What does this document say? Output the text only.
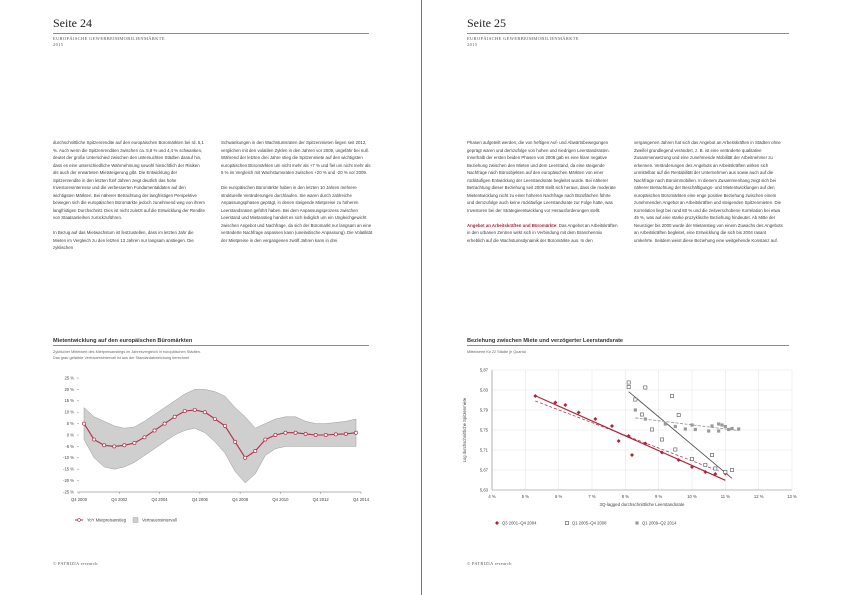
Seite 24
EUROPÄISCHE GEWERBEIMMOBILIENMÄRKTE
2015

durchschnittliche Spitzenrendite auf den europäischen Büromärkten bei rd. 5,1 %. Auch wenn die Spitzenrenditen zwischen ca. 5,8 % und 4,4 % schwanken, deutet der große Unterschied zwischen den untersuchten Städten darauf hin, dass es eine unterschiedliche Wahrnehmung sowohl hinsichtlich der Risiken als auch der erwarteten Mietsteigerung gibt. Die Entwicklung der Spitzenrendite in den letzten fünf Jahren zeigt deutlich das hohe Investoreninteresse und die verbesserten Fundamentaldaten auf den wichtigsten Märkten. Bei näherer Betrachtung der langfristigen Perspektive bewegen sich die europäischen Büromärkte jedoch zunehmend weg von ihrem langfristigen Durchschnitt. Dies ist nicht zuletzt auf die Entwicklung der Rendite von Staatsanleihen zurückzuführen.

In Bezug auf das Mietwachstum ist festzustellen, dass im letzten Jahr die Mieten im Vergleich zu den letzten 13 Jahren nur langsam anstiegen. Die zyklischen

Schwankungen in den Wachstumsraten der Spitzenmieten liegen seit 2012, verglichen mit den volatilen Zyklen in den Jahren vor 2009, ungefähr bei null. Während der letzten drei Jahre stieg die Spitzenmiete auf den wichtigsten europäischen Büromärkten um nicht mehr als +7 % und fiel um nicht mehr als 5 % im Vergleich mit Wachstumsraten zwischen +20 % und -20 % vor 2009.

Die europäischen Büromärkte haben in den letzten 10 Jahren mehrere strukturelle Veränderungen durchlaufen. Sie waren durch zahlreiche Anpassungsphasen geprägt, in denen steigende Mietpreise zu höheren Leerstandsraten geführt haben. Bei dem Anpassungsprozess zwischen Leerstand und Mietanstieg handelt es sich lediglich um ein Ungleichgewicht zwischen Angebot und Nachfrage, da sich der Büromarkt nur langsam an eine veränderte Nachfrage anpassen kann (unelastische Anpassung). Die Volatilität der Mietpreise in den vergangenen zwölf Jahren kann in drei

Mietentwicklung auf den europäischen Büromärkten
Zyklischer Mittelwert des Mietpreisanstiegs im Jahresvergleich in europäischen Städten.
Das grau gefärbte Vertrauensintervall ist aus der Standardabweichung berechnet
25 %
20 %
15 %
10 %
5 %
0 %
-5 %
-10 %
-15 %
-20 %
-25 %
Q4 2000	Q4 2002	Q4 2004	Q4 2006	Q4 2008	Q4 2010	Q4 2012	Q4 2014
YoY Mietpreisanstieg	Vertrauensintervall
© PATRIZIA research
Seite 25
EUROPÄISCHE GEWERBEIMMOBILIENMÄRKTE
2015

Phasen aufgeteilt werden, die von heftigen Auf- und Abwärtsbewegungen geprägt waren und demzufolge von hohen und niedrigen Leerstandsraten. Innerhalb der ersten beiden Phasen von 2008 gab es eine klare negative Beziehung zwischen den Mieten und dem Leerstand, da eine steigende Nachfrage nach Büroobjekten auf den europäischen Märkten von einer rückläufigen Entwicklung der Leerstandsrate begleitet wurde. Bei näherer Betrachtung dieser Beziehung seit 2009 stellt sich heraus, dass die moderate Mietentwicklung nicht zu einer höheren Nachfrage nach Büroflächen führte und demzufolge auch keine rückläufige Leerstandsrate zur Folge hatte, was Investoren bei der Strategieentwicklung vor Herausforderungen stellt.

Angebot an Arbeitskräften und Büromärkte: Das Angebot an Arbeitskräften in den urbanen Zentren wirkt sich in Verbindung mit dem Branchenmix erheblich auf die Wachstumsdynamik der Büromärkte aus. In den

vergangenen Jahren hat sich das Angebot an Arbeitskräften in Städten ohne Zweifel grundlegend verändert, z. B. ist eine veränderte qualitative Zusammensetzung und eine zunehmende Mobilität der Arbeitnehmer zu erkennen. Veränderungen des Angebots an Arbeitskräften wirken sich unmittelbar auf die Rentabilität der Unternehmen aus sowie auch auf die Nachfrage nach Büroimmobilien. In diesem Zusammenhang zeigt sich bei näherer Betrachtung der Beschäftigungs- und Mietentwicklungen auf den europäischen Büromärkten eine enge positive Beziehung zwischen einem zunehmenden Angebot an Arbeitskräften und steigenden Spitzenmieten. Die Korrelation liegt bei rund 80 % und die zeitverschobene Korrelation bei etwa 45 %, was auf eine starke prozyklische Beziehung hindeutet. Ab Mitte der Neunziger bis 2000 wurde der Mietanstieg von einem Zuwachs des Angebots an Arbeitskräften begleitet, eine Entwicklung die sich bis 2004 rasant umkehrte. Seitdem weist diese Beziehung eine weitgehende Konstanz auf.

Beziehung zwischen Miete und verzögerter Leerstandsrate
Mittelwerte für 22 Städte je Quartal
5,87
5,83
5,79
5,75
5,71
5,67
5,63
4 %	5 %	6 %	7 %	8 %	9 %	10 %	11 %	12 %	13 %
3Q-lagged durchschnittliche Leerstandsrate
Log durchschnittliche Spitzenmiete
Q3 2001–Q4 2004	Q1 2005–Q4 2008	Q1 2009–Q2 2014
© PATRIZIA research
